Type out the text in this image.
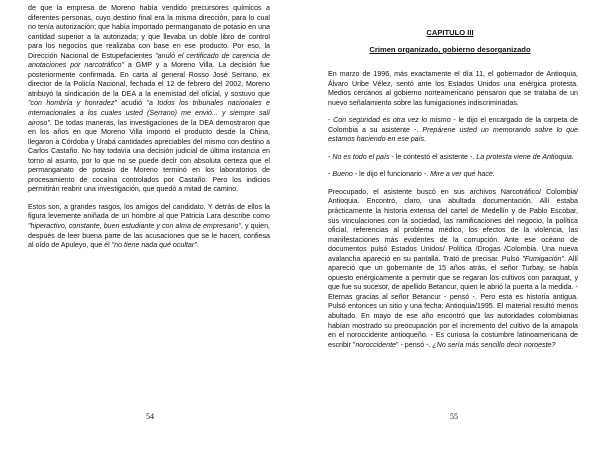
de que la empresa de Moreno había vendido precursores químicos a diferentes personas, cuyo destino final era la misma dirección, para lo cual no tenía autorización; que había importado permanganato de potasio en una cantidad superior a la autorizada; y que llevaba un doble libro de control para los negocios que realizaba con base en ese producto. Por eso, la Dirección Nacional de Estupefacientes "anuló el certificado de carencia de anotaciones por narcotráfico" a GMP y a Moreno Villa. La decisión fue posteriormente confirmada. En carta al general Rosso José Serrano, ex director de la Policía Nacional, fechada el 12 de febrero del 2002, Moreno atribuyó la sindicación de la DEA a la enemistad del oficial, y sostuvo que "con hombría y honradez" acudió "a todos los tribunales nacionales e internacionales a los cuales usted (Serrano) me envió... y siempre salí airoso". De todas maneras, las investigaciones de la DEA demostraron que en los años en que Moreno Villa importó el producto desde la China, llegaron a Córdoba y Urabá cantidades apreciables del mismo con destino a Carlos Castaño. No hay todavía una decisión judicial de última instancia en torno al asunto, por lo que no se puede decir con absoluta certeza que el permanganato de potasio de Moreno terminó en los laboratorios de procesamiento de cocaína controlados por Castaño. Pero los indicios permitirán reabrir una investigación, que quedó a mitad de camino.

Estos son, a grandes rasgos, los amigos del candidato. Y detrás de ellos la figura levemente aniñada de un hombre al que Patricia Lara describe como "hiperactivo, constante, buen estudiante y con alma de empresario", y quien, después de leer buena parte de las acusaciones que se le hacen, confiesa al oído de Apuleyo, que él "no tiene nada qué ocultar".

54

En marzo de 1996, más exactamente el día 11, el gobernador de Antioquia, Álvaro Uribe Vélez, sentó ante los Estados Unidos una enérgica protesta. Medios cercanos al gobierno norteamericano pensaron que se trataba de un nuevo señalamiento sobre las fumigaciones indiscriminadas.

- Con seguridad es otra vez lo mismo - le dijo el encargado de la carpeta de Colombia a su asistente -. Prepárene usted un memorando sobre lo que estamos haciendo en ese país.

- No es todo el país - le contestó el asistente -. La protesta viene de Antioquia.

- Bueno - le dijo el funcionario -. Mire a ver qué hace.

Preocupado, el asistente buscó en sus archivos Narcotráfico/ Colombia/ Antioquia. Encontró, claro, una abultada documentación. Allí estaba prácticamente la historia extensa del cartel de Medellín y de Pablo Escobar, sus vinculaciones con la sociedad, las ramificaciones del negocio, la política oficial, referencias al problema médico, los efectos de la violencia, las manifestaciones más evidentes de la corrupción. Ante ese océano de documentos pulsó Estados Unidos/ Política /Drogas /Colombia. Una nueva avalancha apareció en su pantalla. Trató de precisar. Pulsó "Fumigación". Allí apareció que un gobernante de 15 años atrás, el señor Turbay, se había opuesto enérgicamente a permitir que se regaran los cultivos con paraquat, y que fue su sucesor, de apellido Betancur, quien le abrió la puerta a la medida. - Eternas gracias al señor Betancur - pensó -. Pero esta es historia antigua. Pulsó entonces un sitio y una fecha: Antioquia/1995. El material resultó menos abultado. En mayo de ese año encontró que las autoridades colombianas habían mostrado su preocupación por el incremento del cultivo de la amapola en el noroccidente antioqueño. - Es curiosa la costumbre latinoamericana de escribir "noroccidente" - pensó -. ¿No sería más sencillo decir noroeste?

CAPITULO III
Crimen organizado, gobierno desorganizado
55
